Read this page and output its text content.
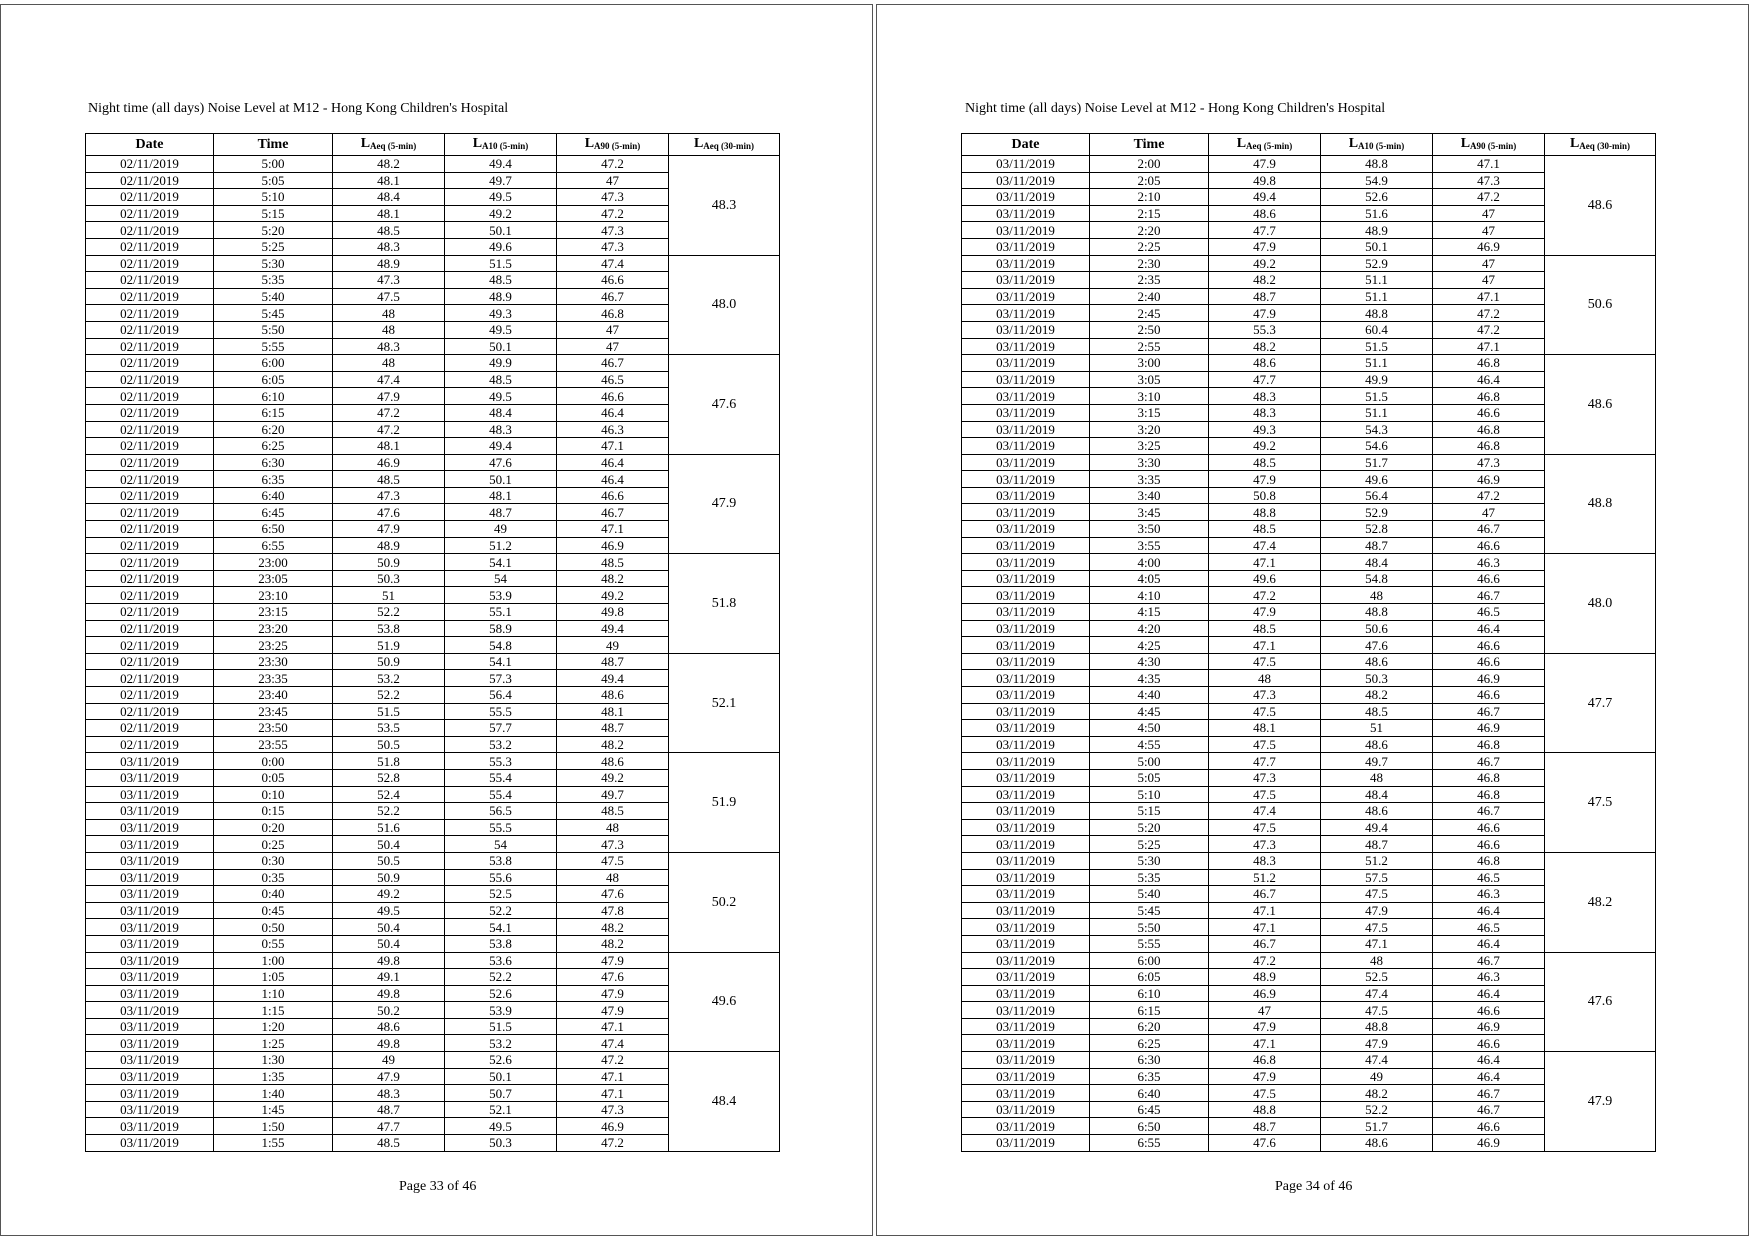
Night time (all days) Noise Level at M12 - Hong Kong Children's Hospital
Date	Time	$L_{Aeq (5-min)}$	$L_{A10 (5-min)}$	$L_{A90 (5-min)}$	$L_{Aeq (30-min)}$
02/11/2019	5:00	48.2	49.4	47.2	48.3
02/11/2019	5:05	48.1	49.7	47	
02/11/2019	5:10	48.4	49.5	47.3	
02/11/2019	5:15	48.1	49.2	47.2	
02/11/2019	5:20	48.5	50.1	47.3	
02/11/2019	5:25	48.3	49.6	47.3	
02/11/2019	5:30	48.9	51.5	47.4	48.0
02/11/2019	5:35	47.3	48.5	46.6	
02/11/2019	5:40	47.5	48.9	46.7	
02/11/2019	5:45	48	49.3	46.8	
02/11/2019	5:50	48	49.5	47	
02/11/2019	5:55	48.3	50.1	47	
02/11/2019	6:00	48	49.9	46.7	47.6
02/11/2019	6:05	47.4	48.5	46.5	
02/11/2019	6:10	47.9	49.5	46.6	
02/11/2019	6:15	47.2	48.4	46.4	
02/11/2019	6:20	47.2	48.3	46.3	
02/11/2019	6:25	48.1	49.4	47.1	
02/11/2019	6:30	46.9	47.6	46.4	47.9
02/11/2019	6:35	48.5	50.1	46.4	
02/11/2019	6:40	47.3	48.1	46.6	
02/11/2019	6:45	47.6	48.7	46.7	
02/11/2019	6:50	47.9	49	47.1	
02/11/2019	6:55	48.9	51.2	46.9	
02/11/2019	23:00	50.9	54.1	48.5	51.8
02/11/2019	23:05	50.3	54	48.2	
02/11/2019	23:10	51	53.9	49.2	
02/11/2019	23:15	52.2	55.1	49.8	
02/11/2019	23:20	53.8	58.9	49.4	
02/11/2019	23:25	51.9	54.8	49	
02/11/2019	23:30	50.9	54.1	48.7	52.1
02/11/2019	23:35	53.2	57.3	49.4	
02/11/2019	23:40	52.2	56.4	48.6	
02/11/2019	23:45	51.5	55.5	48.1	
02/11/2019	23:50	53.5	57.7	48.7	
02/11/2019	23:55	50.5	53.2	48.2	
03/11/2019	0:00	51.8	55.3	48.6	51.9
03/11/2019	0:05	52.8	55.4	49.2	
03/11/2019	0:10	52.4	55.4	49.7	
03/11/2019	0:15	52.2	56.5	48.5	
03/11/2019	0:20	51.6	55.5	48	
03/11/2019	0:25	50.4	54	47.3	
03/11/2019	0:30	50.5	53.8	47.5	50.2
03/11/2019	0:35	50.9	55.6	48	
03/11/2019	0:40	49.2	52.5	47.6	
03/11/2019	0:45	49.5	52.2	47.8	
03/11/2019	0:50	50.4	54.1	48.2	
03/11/2019	0:55	50.4	53.8	48.2	
03/11/2019	1:00	49.8	53.6	47.9	49.6
03/11/2019	1:05	49.1	52.2	47.6	
03/11/2019	1:10	49.8	52.6	47.9	
03/11/2019	1:15	50.2	53.9	47.9	
03/11/2019	1:20	48.6	51.5	47.1	
03/11/2019	1:25	49.8	53.2	47.4	
03/11/2019	1:30	49	52.6	47.2	48.4
03/11/2019	1:35	47.9	50.1	47.1	
03/11/2019	1:40	48.3	50.7	47.1	
03/11/2019	1:45	48.7	52.1	47.3	
03/11/2019	1:50	47.7	49.5	46.9	
03/11/2019	1:55	48.5	50.3	47.2	
Page 33 of 46
Night time (all days) Noise Level at M12 - Hong Kong Children's Hospital
Date	Time	$L_{Aeq (5-min)}$	$L_{A10 (5-min)}$	$L_{A90 (5-min)}$	$L_{Aeq (30-min)}$
03/11/2019	2:00	47.9	48.8	47.1	48.6
03/11/2019	2:05	49.8	54.9	47.3	
03/11/2019	2:10	49.4	52.6	47.2	
03/11/2019	2:15	48.6	51.6	47	
03/11/2019	2:20	47.7	48.9	47	
03/11/2019	2:25	47.9	50.1	46.9	
03/11/2019	2:30	49.2	52.9	47	50.6
03/11/2019	2:35	48.2	51.1	47	
03/11/2019	2:40	48.7	51.1	47.1	
03/11/2019	2:45	47.9	48.8	47.2	
03/11/2019	2:50	55.3	60.4	47.2	
03/11/2019	2:55	48.2	51.5	47.1	
03/11/2019	3:00	48.6	51.1	46.8	48.6
03/11/2019	3:05	47.7	49.9	46.4	
03/11/2019	3:10	48.3	51.5	46.8	
03/11/2019	3:15	48.3	51.1	46.6	
03/11/2019	3:20	49.3	54.3	46.8	
03/11/2019	3:25	49.2	54.6	46.8	
03/11/2019	3:30	48.5	51.7	47.3	48.8
03/11/2019	3:35	47.9	49.6	46.9	
03/11/2019	3:40	50.8	56.4	47.2	
03/11/2019	3:45	48.8	52.9	47	
03/11/2019	3:50	48.5	52.8	46.7	
03/11/2019	3:55	47.4	48.7	46.6	
03/11/2019	4:00	47.1	48.4	46.3	48.0
03/11/2019	4:05	49.6	54.8	46.6	
03/11/2019	4:10	47.2	48	46.7	
03/11/2019	4:15	47.9	48.8	46.5	
03/11/2019	4:20	48.5	50.6	46.4	
03/11/2019	4:25	47.1	47.6	46.6	
03/11/2019	4:30	47.5	48.6	46.6	47.7
03/11/2019	4:35	48	50.3	46.9	
03/11/2019	4:40	47.3	48.2	46.6	
03/11/2019	4:45	47.5	48.5	46.7	
03/11/2019	4:50	48.1	51	46.9	
03/11/2019	4:55	47.5	48.6	46.8	
03/11/2019	5:00	47.7	49.7	46.7	47.5
03/11/2019	5:05	47.3	48	46.8	
03/11/2019	5:10	47.5	48.4	46.8	
03/11/2019	5:15	47.4	48.6	46.7	
03/11/2019	5:20	47.5	49.4	46.6	
03/11/2019	5:25	47.3	48.7	46.6	
03/11/2019	5:30	48.3	51.2	46.8	48.2
03/11/2019	5:35	51.2	57.5	46.5	
03/11/2019	5:40	46.7	47.5	46.3	
03/11/2019	5:45	47.1	47.9	46.4	
03/11/2019	5:50	47.1	47.5	46.5	
03/11/2019	5:55	46.7	47.1	46.4	
03/11/2019	6:00	47.2	48	46.7	47.6
03/11/2019	6:05	48.9	52.5	46.3	
03/11/2019	6:10	46.9	47.4	46.4	
03/11/2019	6:15	47	47.5	46.6	
03/11/2019	6:20	47.9	48.8	46.9	
03/11/2019	6:25	47.1	47.9	46.6	
03/11/2019	6:30	46.8	47.4	46.4	47.9
03/11/2019	6:35	47.9	49	46.4	
03/11/2019	6:40	47.5	48.2	46.7	
03/11/2019	6:45	48.8	52.2	46.7	
03/11/2019	6:50	48.7	51.7	46.6	
03/11/2019	6:55	47.6	48.6	46.9	
Page 34 of 46
